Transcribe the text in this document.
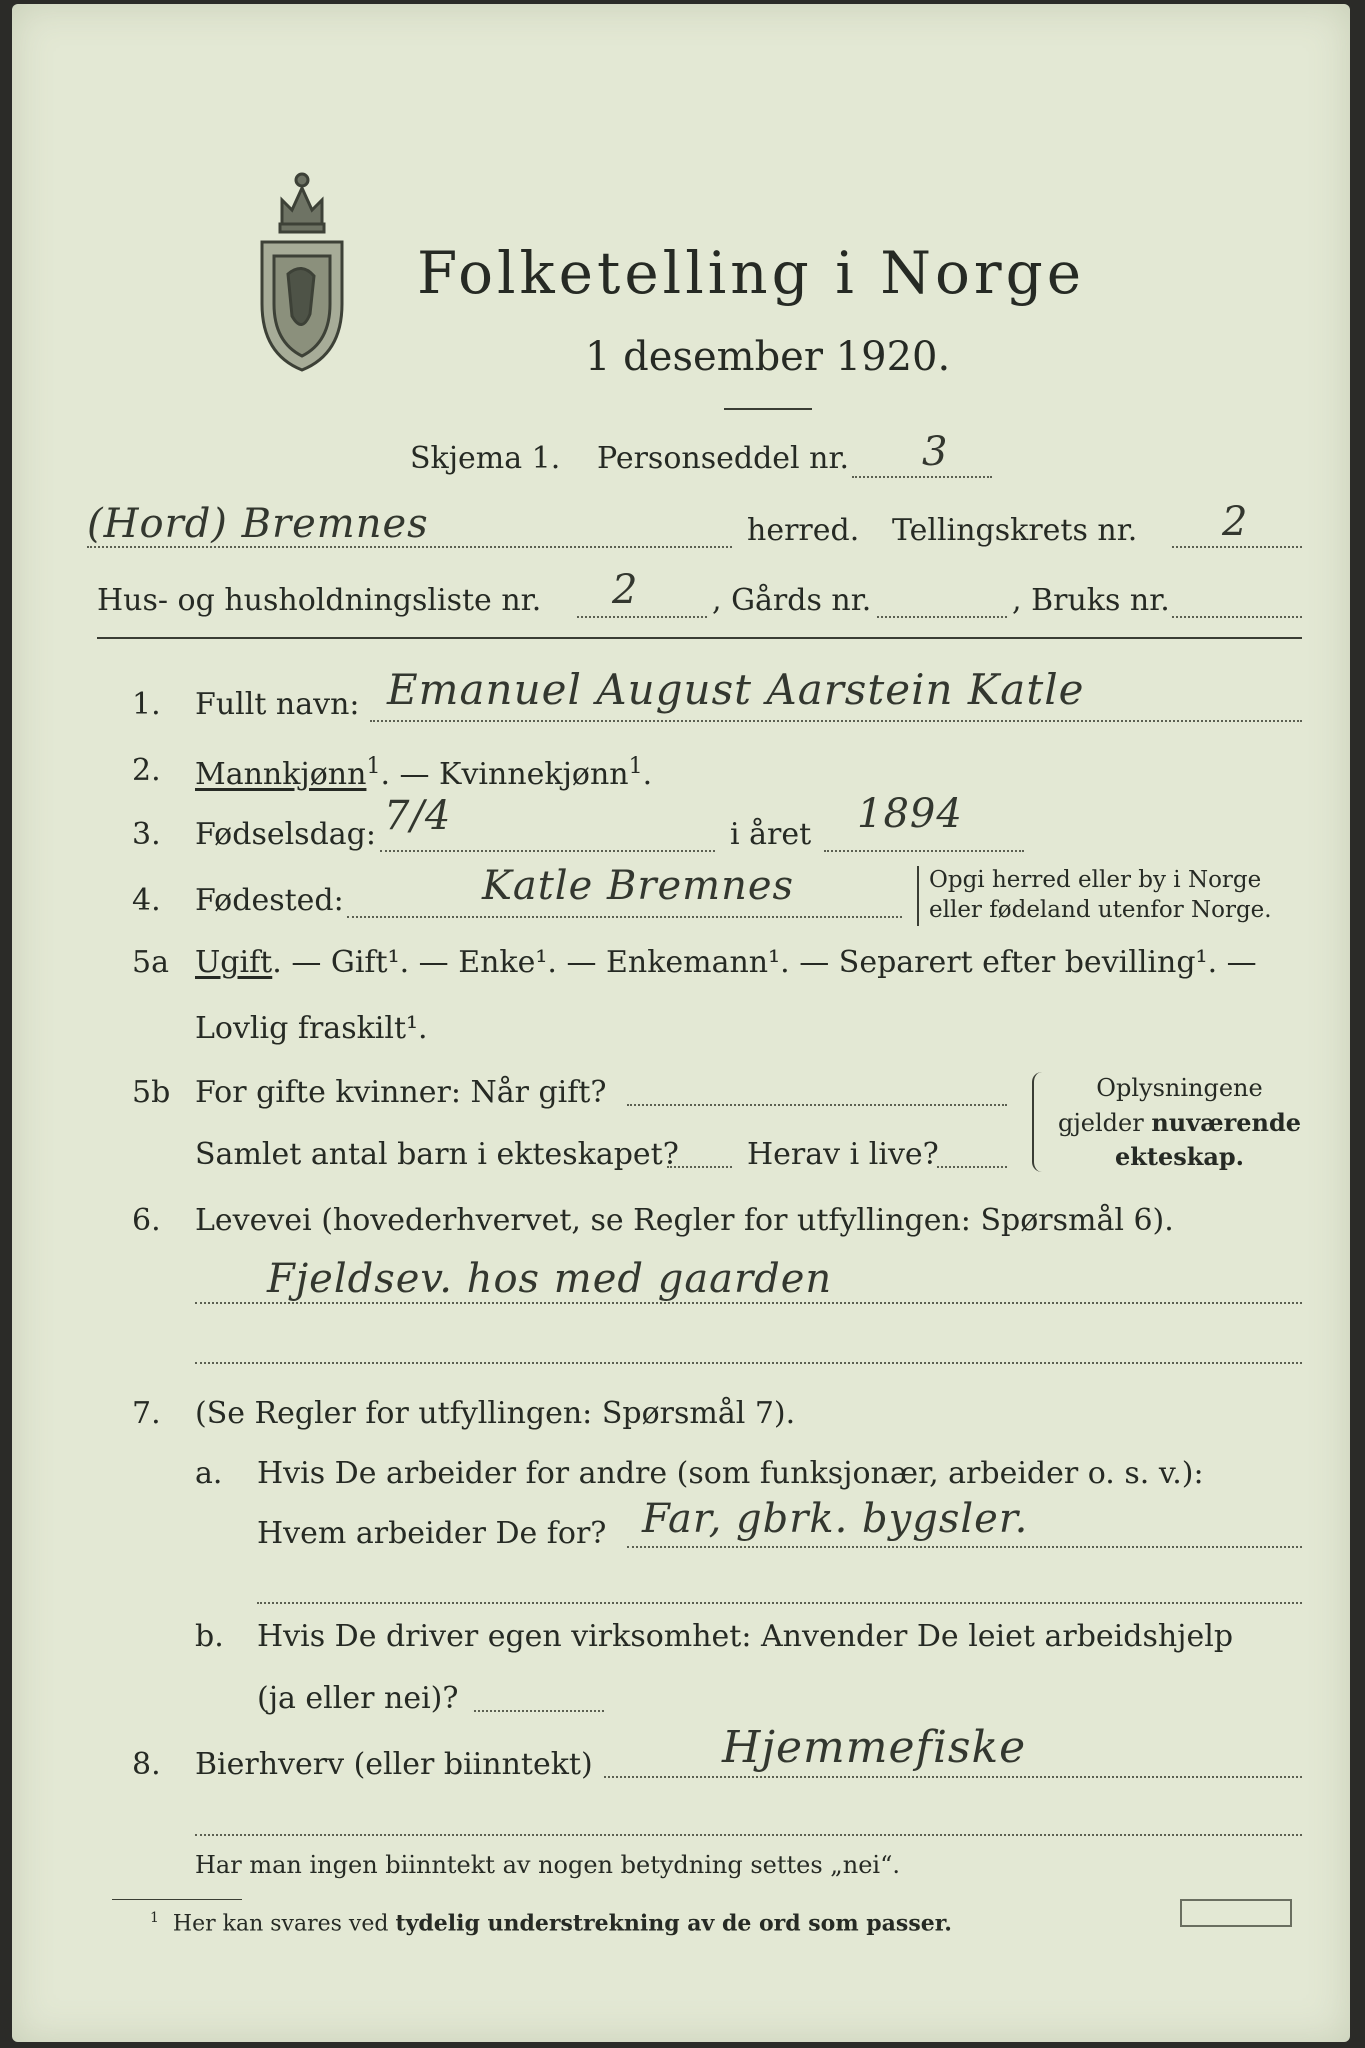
Folketelling i Norge
1 desember 1920.
Skjema 1. Personseddel nr. 3
(Hord) Bremnes	herred. Tellingskrets nr. 2
Hus- og husholdningsliste nr. 2 , Gårds nr.	, Bruks nr.
1. Fullt navn: Emanuel August Aarstein Katle
2. Mannkjønn$^1$. — Kvinnekjønn$^1$.
3. Fødselsdag: 7/4	i året 1894
4. Fødested:	Katle Bremnes	Opgi herred eller by i Norge
eller fødeland utenfor Norge.
5a Ugift. — Gift¹. — Enke¹. — Enkemann¹. — Separert efter bevilling¹. —
Lovlig fraskilt¹.
5b For gifte kvinner: Når gift?
Samlet antal barn i ekteskapet? Herav i live?
Oplysningene
gjelder nuværende
ekteskap.
6. Levevei (hovederhvervet, se Regler for utfyllingen: Spørsmål 6).
Fjeldsev. hos med gaarden
7. (Se Regler for utfyllingen: Spørsmål 7).
a. Hvis De arbeider for andre (som funksjonær, arbeider o. s. v.):
Hvem arbeider De for? Far, gbrk. bygsler.
b. Hvis De driver egen virksomhet: Anvender De leiet arbeidshjelp
(ja eller nei)?
8. Bierhverv (eller biinntekt)	Hjemmefiske
Har man ingen biinntekt av nogen betydning settes „nei“.
$^1$ Her kan svares ved tydelig understrekning av de ord som passer.
